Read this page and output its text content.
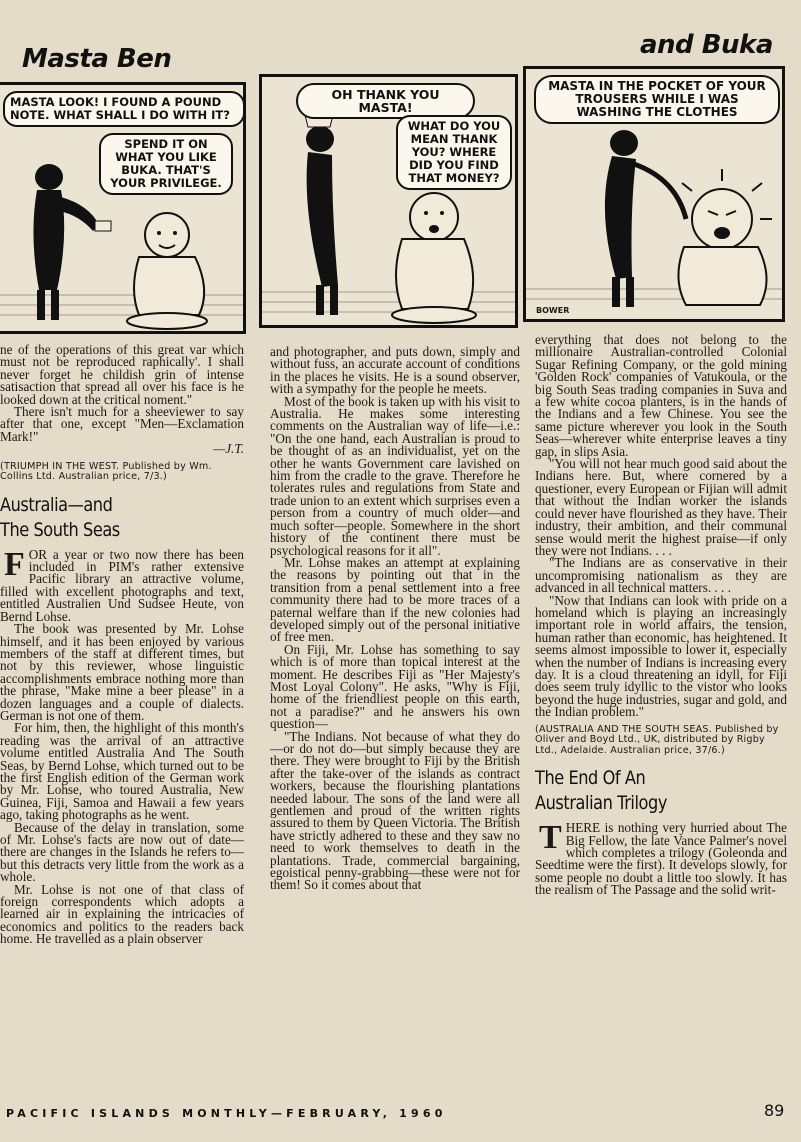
Masta Ben	and Buka
MASTA LOOK! I FOUND A POUND NOTE. WHAT SHALL I DO WITH IT?
SPEND IT ON WHAT YOU LIKE BUKA. THAT'S YOUR PRIVILEGE.
OH THANK YOU MASTA!
WHAT DO YOU MEAN THANK YOU? WHERE DID YOU FIND THAT MONEY?
MASTA IN THE POCKET OF YOUR TROUSERS WHILE I WAS WASHING THE CLOTHES
BOWER

ne of the operations of this great var which must not be reproduced raphically'. I shall never forget he childish grin of intense satisaction that spread all over his face is he looked down at the critical noment."

There isn't much for a sheeviewer to say after that one, except "Men—Exclamation Mark!"

—J.T.
(TRIUMPH IN THE WEST. Published by Wm. Collins Ltd. Australian price, 7/3.)
Australia—and
The South Seas

FOR a year or two now there has been included in PIM's rather extensive Pacific library an attractive volume, filled with excellent photographs and text, entitled Australien Und Sudsee Heute, von Bernd Lohse.

The book was presented by Mr. Lohse himself, and it has been enjoyed by various members of the staff at different times, but not by this reviewer, whose linguistic accomplishments embrace nothing more than the phrase, "Make mine a beer please" in a dozen languages and a couple of dialects. German is not one of them.

For him, then, the highlight of this month's reading was the arrival of an attractive volume entitled Australia And The South Seas, by Bernd Lohse, which turned out to be the first English edition of the German work by Mr. Lohse, who toured Australia, New Guinea, Fiji, Samoa and Hawaii a few years ago, taking photographs as he went.

Because of the delay in translation, some of Mr. Lohse's facts are now out of date—there are changes in the Islands he refers to—but this detracts very little from the work as a whole.

Mr. Lohse is not one of that class of foreign correspondents which adopts a learned air in explaining the intricacies of economics and politics to the readers back home. He travelled as a plain observer

and photographer, and puts down, simply and without fuss, an accurate account of conditions in the places he visits. He is a sound observer, with a sympathy for the people he meets.

Most of the book is taken up with his visit to Australia. He makes some interesting comments on the Australian way of life—i.e.: "On the one hand, each Australian is proud to be thought of as an individualist, yet on the other he wants Government care lavished on him from the cradle to the grave. Therefore he tolerates rules and regulations from State and trade union to an extent which surprises even a person from a country of much older—and much softer—people. Somewhere in the short history of the continent there must be psychological reasons for it all".

Mr. Lohse makes an attempt at explaining the reasons by pointing out that in the transition from a penal settlement into a free community there had to be more traces of a paternal welfare than if the new colonies had developed simply out of the personal initiative of free men.

On Fiji, Mr. Lohse has something to say which is of more than topical interest at the moment. He describes Fiji as "Her Majesty's Most Loyal Colony". He asks, "Why is Fiji, home of the friendliest people on this earth, not a paradise?" and he answers his own question—

"The Indians. Not because of what they do—or do not do—but simply because they are there. They were brought to Fiji by the British after the take-over of the islands as contract workers, because the flourishing plantations needed labour. The sons of the land were all gentlemen and proud of the written rights assured to them by Queen Victoria. The British have strictly adhered to these and they saw no need to work themselves to death in the plantations. Trade, commercial bargaining, egoistical penny-grabbing—these were not for them! So it comes about that

everything that does not belong to the millionaire Australian-controlled Colonial Sugar Refining Company, or the gold mining 'Golden Rock' companies of Vatukoula, or the big South Seas trading companies in Suva and a few white cocoa planters, is in the hands of the Indians and a few Chinese. You see the same picture wherever you look in the South Seas—wherever white enterprise leaves a tiny gap, in slips Asia.

"You will not hear much good said about the Indians here. But, where cornered by a questioner, every European or Fijian will admit that without the Indian worker the islands could never have flourished as they have. Their industry, their ambition, and their communal sense would merit the highest praise—if only they were not Indians. . . .

"The Indians are as conservative in their uncompromising nationalism as they are advanced in all technical matters. . . .

"Now that Indians can look with pride on a homeland which is playing an increasingly important role in world affairs, the tension, human rather than economic, has heightened. It seems almost impossible to lower it, especially when the number of Indians is increasing every day. It is a cloud threatening an idyll, for Fiji does seem truly idyllic to the vistor who looks beyond the huge industries, sugar and gold, and the Indian problem."

(AUSTRALIA AND THE SOUTH SEAS. Published by Oliver and Boyd Ltd., UK, distributed by Rigby Ltd., Adelaide. Australian price, 37/6.)
The End Of An
Australian Trilogy

THERE is nothing very hurried about The Big Fellow, the late Vance Palmer's novel which completes a trilogy (Goleonda and Seedtime were the first). It develops slowly, for some people no doubt a little too slowly. It has the realism of The Passage and the solid writ-

PACIFIC ISLANDS MONTHLY—FEBRUARY, 1960	89
